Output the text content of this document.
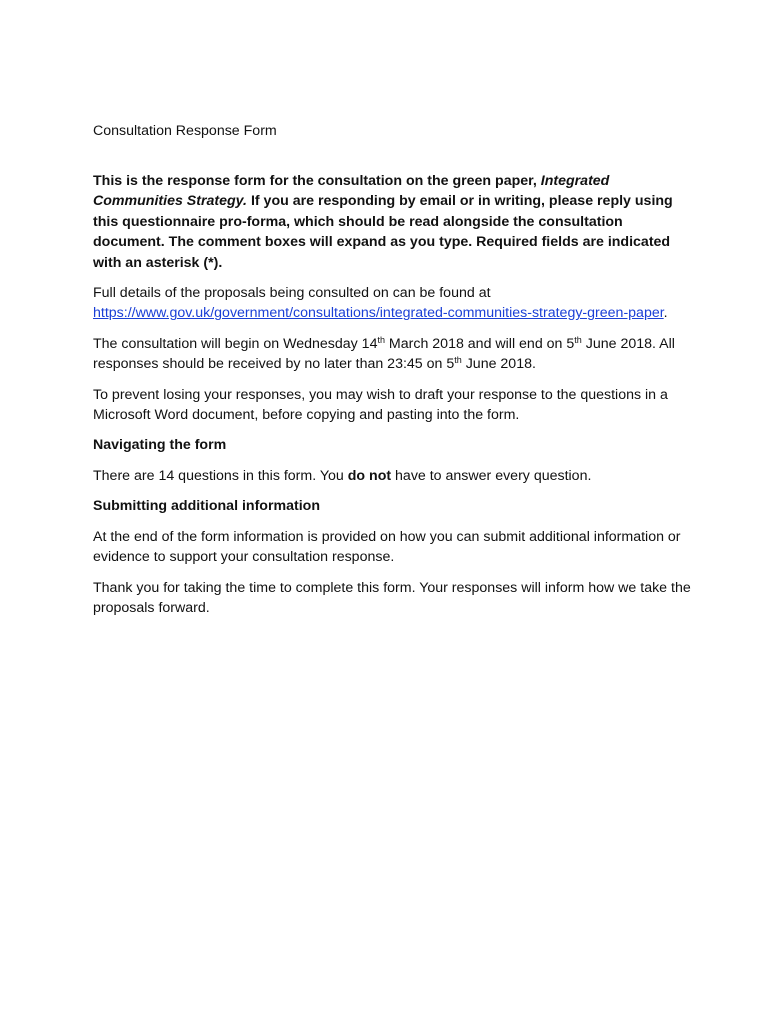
Consultation Response Form

This is the response form for the consultation on the green paper, Integrated Communities Strategy. If you are responding by email or in writing, please reply using this questionnaire pro-forma, which should be read alongside the consultation document. The comment boxes will expand as you type. Required fields are indicated with an asterisk (*).

Full details of the proposals being consulted on can be found at
https://www.gov.uk/government/consultations/integrated-communities-strategy-green-paper.

The consultation will begin on Wednesday 14th March 2018 and will end on 5th June 2018. All responses should be received by no later than 23:45 on 5th June 2018.

To prevent losing your responses, you may wish to draft your response to the questions in a Microsoft Word document, before copying and pasting into the form.

Navigating the form

There are 14 questions in this form. You do not have to answer every question.

Submitting additional information

At the end of the form information is provided on how you can submit additional information or evidence to support your consultation response.

Thank you for taking the time to complete this form. Your responses will inform how we take the proposals forward.
